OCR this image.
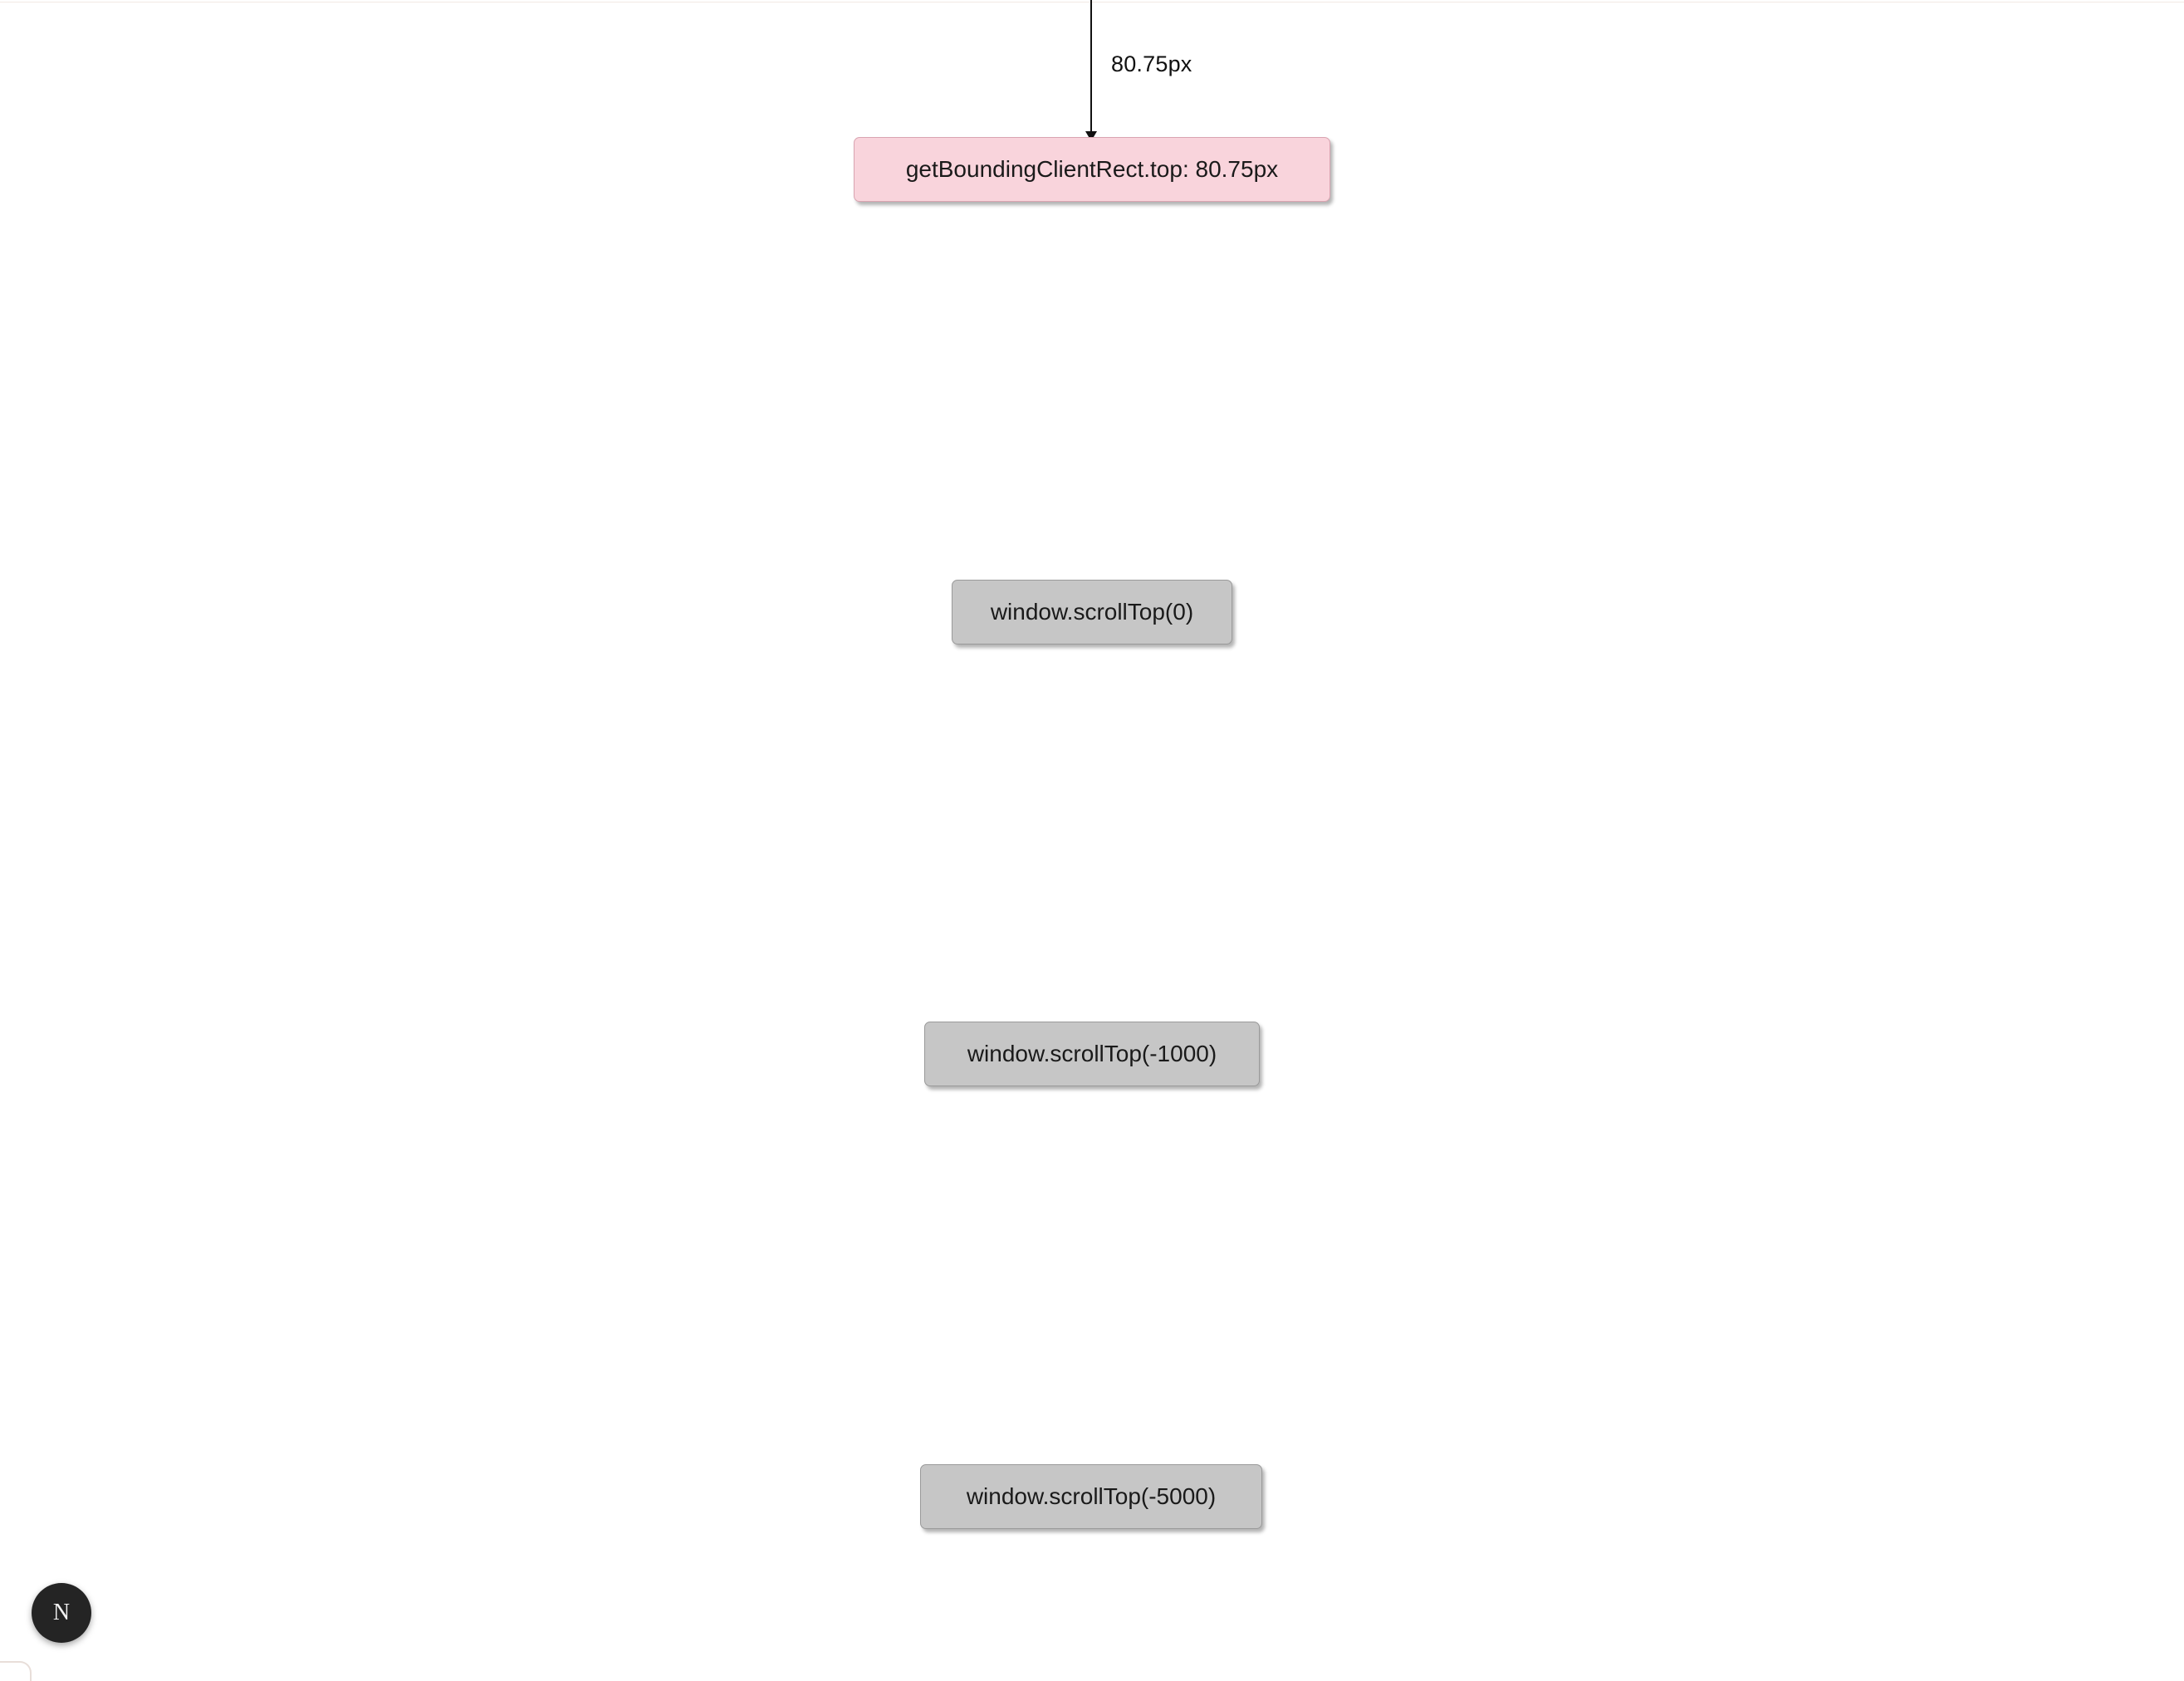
80.75px
getBoundingClientRect.top: 80.75px
window.scrollTop(0)
window.scrollTop(-1000)
window.scrollTop(-5000)
N
